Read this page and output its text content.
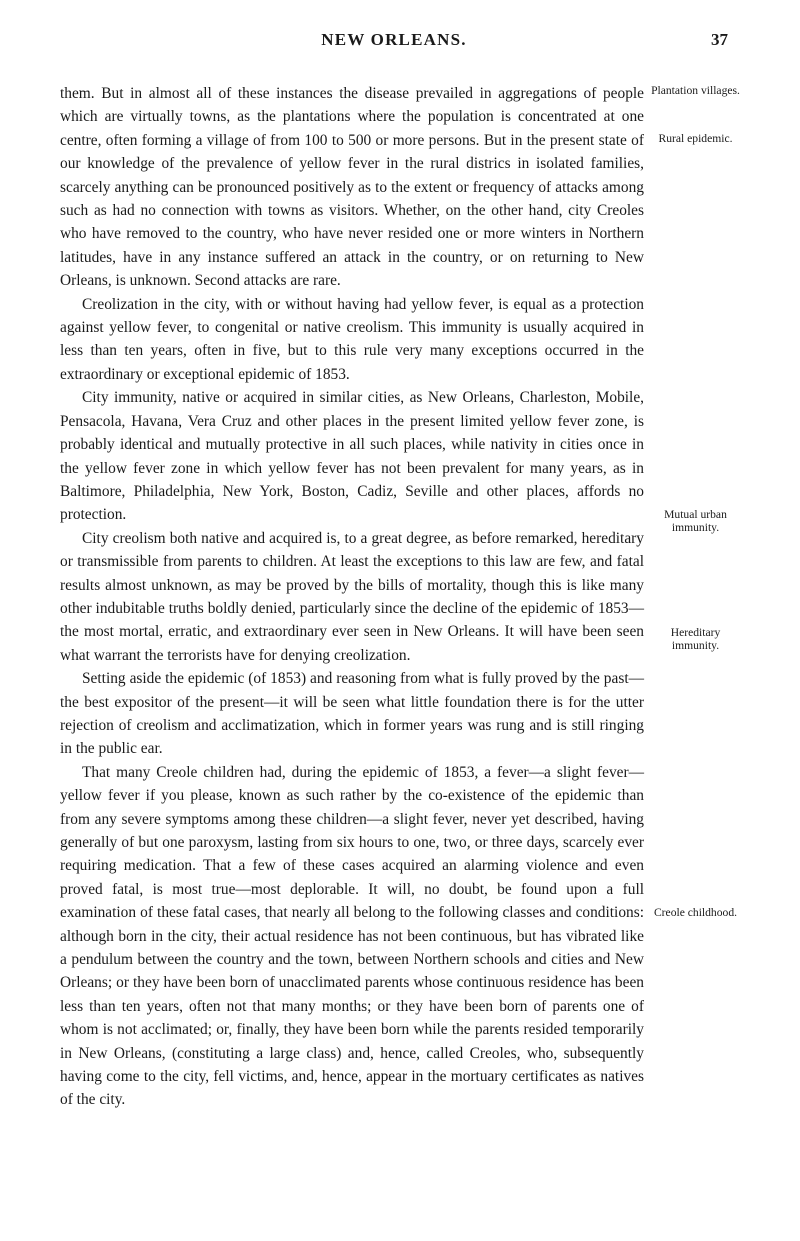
NEW ORLEANS.	37

them. But in almost all of these instances the disease prevailed in aggregations of people which are virtually towns, as the plantations where the population is concentrated at one centre, often forming a village of from 100 to 500 or more persons. But in the present state of our knowledge of the prevalence of yellow fever in the rural districs in isolated families, scarcely anything can be pronounced positively as to the extent or frequency of attacks among such as had no connection with towns as visitors. Whether, on the other hand, city Creoles who have removed to the country, who have never resided one or more winters in Northern latitudes, have in any instance suffered an attack in the country, or on returning to New Orleans, is unknown. Second attacks are rare.

Creolization in the city, with or without having had yellow fever, is equal as a protection against yellow fever, to congenital or native creolism. This immunity is usually acquired in less than ten years, often in five, but to this rule very many exceptions occurred in the extraordinary or exceptional epidemic of 1853.

City immunity, native or acquired in similar cities, as New Orleans, Charleston, Mobile, Pensacola, Havana, Vera Cruz and other places in the present limited yellow fever zone, is probably identical and mutually protective in all such places, while nativity in cities once in the yellow fever zone in which yellow fever has not been prevalent for many years, as in Baltimore, Philadelphia, New York, Boston, Cadiz, Seville and other places, affords no protection.

City creolism both native and acquired is, to a great degree, as before remarked, hereditary or transmissible from parents to children. At least the exceptions to this law are few, and fatal results almost unknown, as may be proved by the bills of mortality, though this is like many other indubitable truths boldly denied, particularly since the decline of the epidemic of 1853—the most mortal, erratic, and extraordinary ever seen in New Orleans. It will have been seen what warrant the terrorists have for denying creolization.

Setting aside the epidemic (of 1853) and reasoning from what is fully proved by the past—the best expositor of the present—it will be seen what little foundation there is for the utter rejection of creolism and acclimatization, which in former years was rung and is still ringing in the public ear.

That many Creole children had, during the epidemic of 1853, a fever—a slight fever—yellow fever if you please, known as such rather by the co-existence of the epidemic than from any severe symptoms among these children—a slight fever, never yet described, having generally of but one paroxysm, lasting from six hours to one, two, or three days, scarcely ever requiring medication. That a few of these cases acquired an alarming violence and even proved fatal, is most true—most deplorable. It will, no doubt, be found upon a full examination of these fatal cases, that nearly all belong to the following classes and conditions: although born in the city, their actual residence has not been continuous, but has vibrated like a pendulum between the country and the town, between Northern schools and cities and New Orleans; or they have been born of unacclimated parents whose continuous residence has been less than ten years, often not that many months; or they have been born of parents one of whom is not acclimated; or, finally, they have been born while the parents resided temporarily in New Orleans, (constituting a large class) and, hence, called Creoles, who, subsequently having come to the city, fell victims, and, hence, appear in the mortuary certificates as natives of the city.

Plantation villages.
Rural epidemic.
Mutual urban immunity.
Hereditary immunity.
Creole childhood.
